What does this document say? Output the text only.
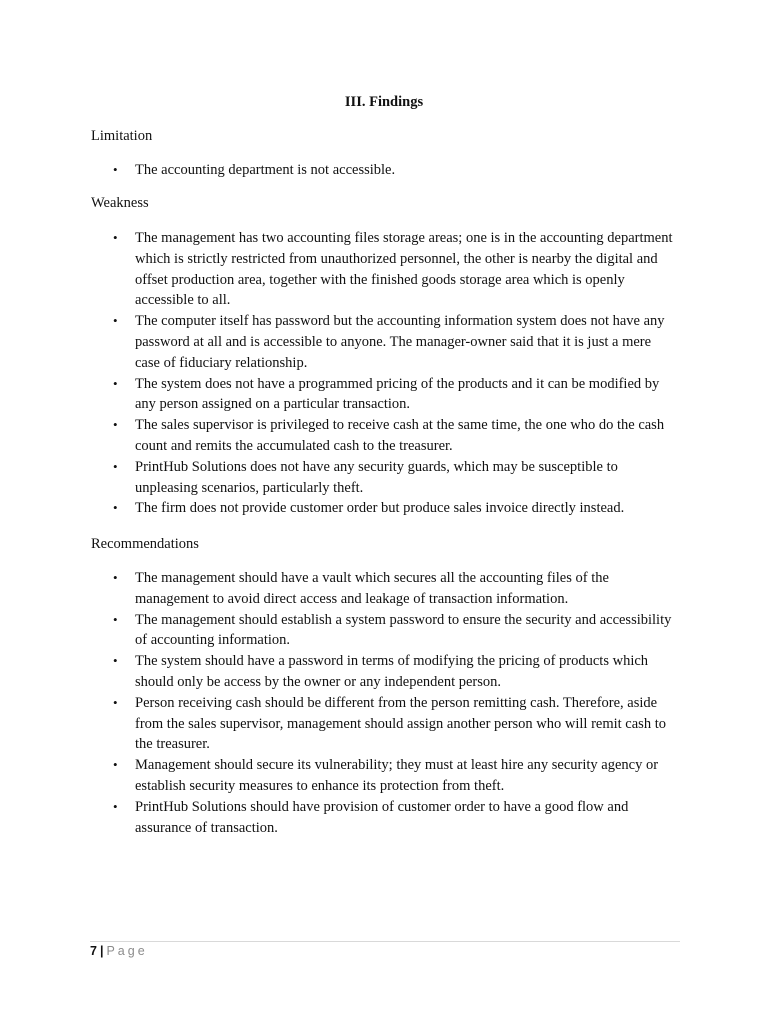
III. Findings
Limitation
• The accounting department is not accessible.
Weakness
• The management has two accounting files storage areas; one is in the accounting department which is strictly restricted from unauthorized personnel, the other is nearby the digital and offset production area, together with the finished goods storage area which is openly accessible to all.
• The computer itself has password but the accounting information system does not have any password at all and is accessible to anyone. The manager-owner said that it is just a mere case of fiduciary relationship.
• The system does not have a programmed pricing of the products and it can be modified by any person assigned on a particular transaction.
• The sales supervisor is privileged to receive cash at the same time, the one who do the cash count and remits the accumulated cash to the treasurer.
• PrintHub Solutions does not have any security guards, which may be susceptible to unpleasing scenarios, particularly theft.
• The firm does not provide customer order but produce sales invoice directly instead.
Recommendations
• The management should have a vault which secures all the accounting files of the management to avoid direct access and leakage of transaction information.
• The management should establish a system password to ensure the security and accessibility of accounting information.
• The system should have a password in terms of modifying the pricing of products which should only be access by the owner or any independent person.
• Person receiving cash should be different from the person remitting cash. Therefore, aside from the sales supervisor, management should assign another person who will remit cash to the treasurer.
• Management should secure its vulnerability; they must at least hire any security agency or establish security measures to enhance its protection from theft.
• PrintHub Solutions should have provision of customer order to have a good flow and assurance of transaction.
7 | Page
